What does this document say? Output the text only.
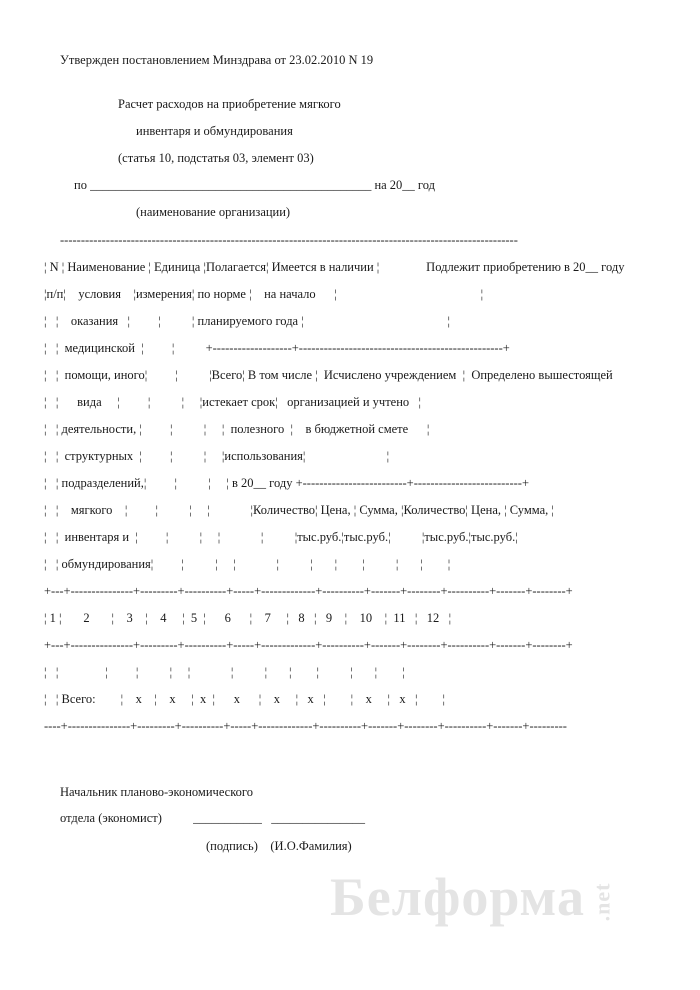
Утвержден постановлением Минздрава от 23.02.2010 N 19

Расчет расходов на приобретение мягкого

инвентаря и обмундирования

(статья 10, подстатья 03, элемент 03)

по _____________________________________________ на 20__ год

(наименование организации)

--------------------------------------------------------------------------------------------------------------

¦ N ¦ Наименование ¦ Единица ¦Полагается¦ Имеется в наличии ¦               Подлежит приобретению в 20__ году

¦п/п¦    условия    ¦измерения¦ по норме ¦    на начало      ¦                                              ¦

¦   ¦    оказания   ¦         ¦          ¦ планируемого года ¦                                              ¦

¦   ¦  медицинской  ¦         ¦          +-------------------+-------------------------------------------------+

¦   ¦  помощи, иного¦         ¦          ¦Всего¦ В том числе ¦  Исчислено учреждением  ¦  Определено вышестоящей

¦   ¦      вида     ¦         ¦          ¦     ¦истекает срок¦   организацией и учтено   ¦

¦   ¦ деятельности, ¦         ¦          ¦     ¦  полезного  ¦    в бюджетной смете      ¦

¦   ¦  структурных  ¦         ¦          ¦     ¦использования¦                          ¦

¦   ¦ подразделений,¦         ¦          ¦     ¦ в 20__ году +-------------------------+--------------------------+

¦   ¦    мягкого    ¦         ¦          ¦     ¦             ¦Количество¦ Цена, ¦ Сумма, ¦Количество¦ Цена, ¦ Сумма, ¦

¦   ¦  инвентаря и  ¦         ¦          ¦     ¦             ¦          ¦тыс.руб.¦тыс.руб.¦          ¦тыс.руб.¦тыс.руб.¦

¦   ¦ обмундирования¦         ¦          ¦     ¦             ¦          ¦       ¦        ¦          ¦       ¦        ¦

+---+---------------+---------+----------+-----+-------------+----------+-------+--------+----------+-------+--------+

¦ 1 ¦       2       ¦    3    ¦    4     ¦  5  ¦      6      ¦    7     ¦   8   ¦   9    ¦    10    ¦  11   ¦   12   ¦

+---+---------------+---------+----------+-----+-------------+----------+-------+--------+----------+-------+--------+

¦   ¦               ¦         ¦          ¦     ¦             ¦          ¦       ¦        ¦          ¦       ¦        ¦

¦   ¦ Всего:        ¦    х    ¦    х     ¦  х  ¦      х      ¦    х     ¦   х   ¦        ¦    х     ¦   х   ¦        ¦

----+---------------+---------+----------+-----+-------------+----------+-------+--------+----------+-------+---------

Начальник планово-экономического

отдела (экономист)          ___________   _______________

(подпись)    (И.О.Фамилия)

Белформа .net
